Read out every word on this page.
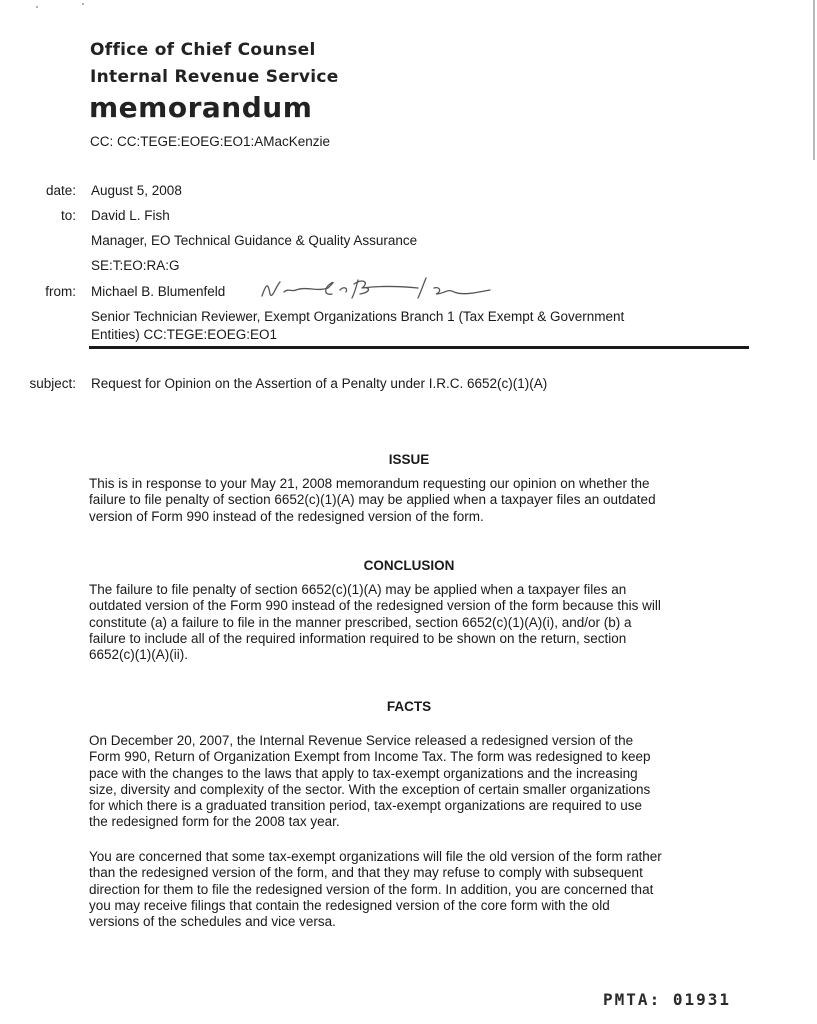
Office of Chief Counsel
Internal Revenue Service
memorandum
CC: CC:TEGE:EOEG:EO1:AMacKenzie
date: August 5, 2008
to: David L. Fish
Manager, EO Technical Guidance & Quality Assurance
SE:T:EO:RA:G
from: Michael B. Blumenfeld
Senior Technician Reviewer, Exempt Organizations Branch 1 (Tax Exempt & Government
Entities) CC:TEGE:EOEG:EO1
subject: Request for Opinion on the Assertion of a Penalty under I.R.C. 6652(c)(1)(A)
ISSUE
This is in response to your May 21, 2008 memorandum requesting our opinion on whether the
failure to file penalty of section 6652(c)(1)(A) may be applied when a taxpayer files an outdated
version of Form 990 instead of the redesigned version of the form.
CONCLUSION
The failure to file penalty of section 6652(c)(1)(A) may be applied when a taxpayer files an
outdated version of the Form 990 instead of the redesigned version of the form because this will
constitute (a) a failure to file in the manner prescribed, section 6652(c)(1)(A)(i), and/or (b) a
failure to include all of the required information required to be shown on the return, section
6652(c)(1)(A)(ii).
FACTS
On December 20, 2007, the Internal Revenue Service released a redesigned version of the
Form 990, Return of Organization Exempt from Income Tax. The form was redesigned to keep
pace with the changes to the laws that apply to tax-exempt organizations and the increasing
size, diversity and complexity of the sector. With the exception of certain smaller organizations
for which there is a graduated transition period, tax-exempt organizations are required to use
the redesigned form for the 2008 tax year.
You are concerned that some tax-exempt organizations will file the old version of the form rather
than the redesigned version of the form, and that they may refuse to comply with subsequent
direction for them to file the redesigned version of the form. In addition, you are concerned that
you may receive filings that contain the redesigned version of the core form with the old
versions of the schedules and vice versa.
PMTA: 01931
